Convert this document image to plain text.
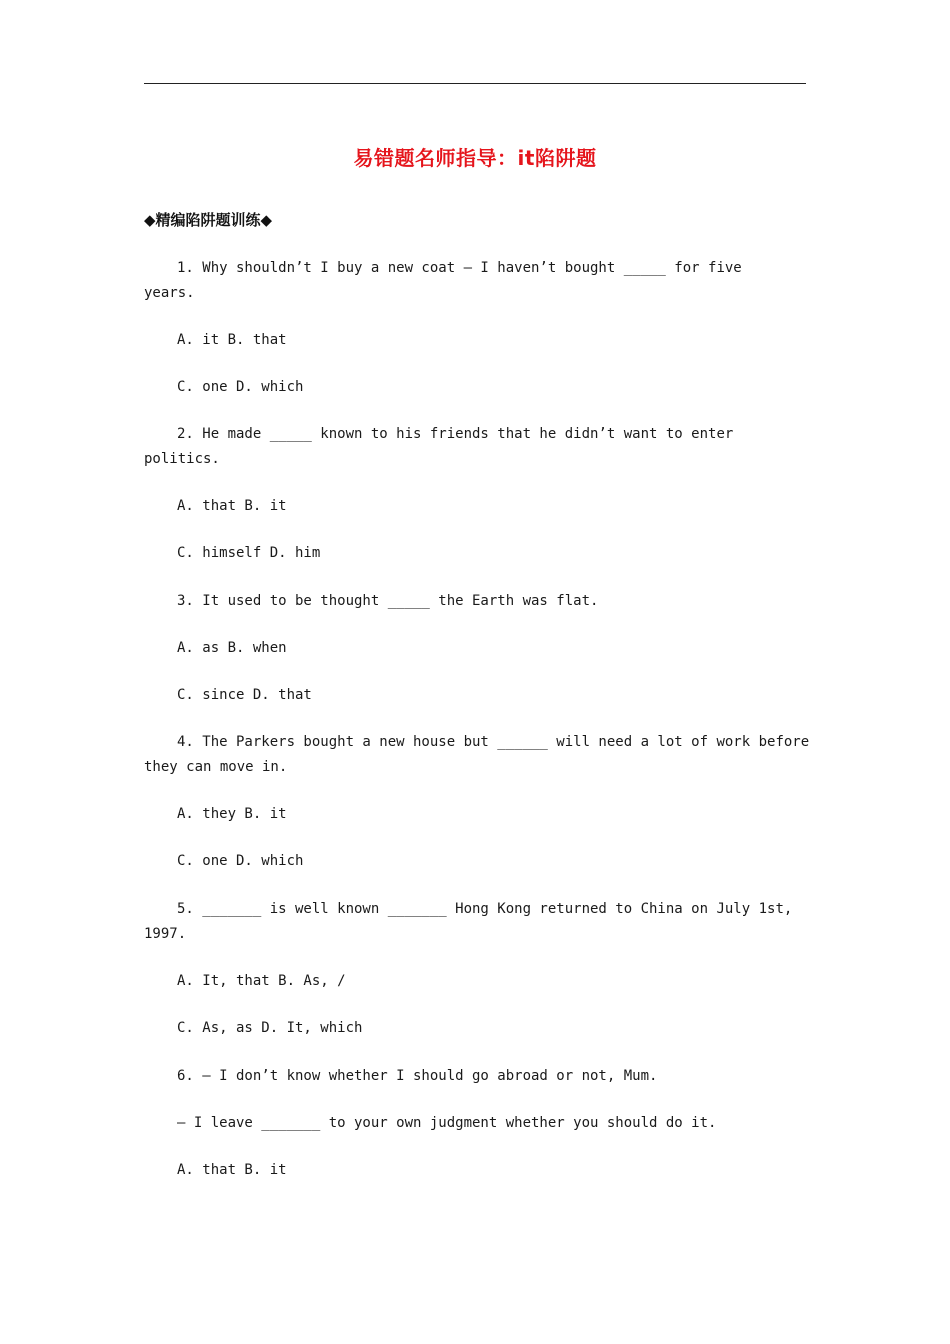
易错题名师指导：it陷阱题
◆精编陷阱题训练◆
1. Why shouldn’t I buy a new coat — I haven’t bought _____ for five
years.
A. it B. that
C. one D. which
2. He made _____ known to his friends that he didn’t want to enter
politics.
A. that B. it
C. himself D. him
3. It used to be thought _____ the Earth was flat.
A. as B. when
C. since D. that
4. The Parkers bought a new house but ______ will need a lot of work before
they can move in.
A. they B. it
C. one D. which
5. _______ is well known _______ Hong Kong returned to China on July 1st,
1997.
A. It, that B. As, /
C. As, as D. It, which
6. — I don’t know whether I should go abroad or not, Mum.
— I leave _______ to your own judgment whether you should do it.
A. that B. it
